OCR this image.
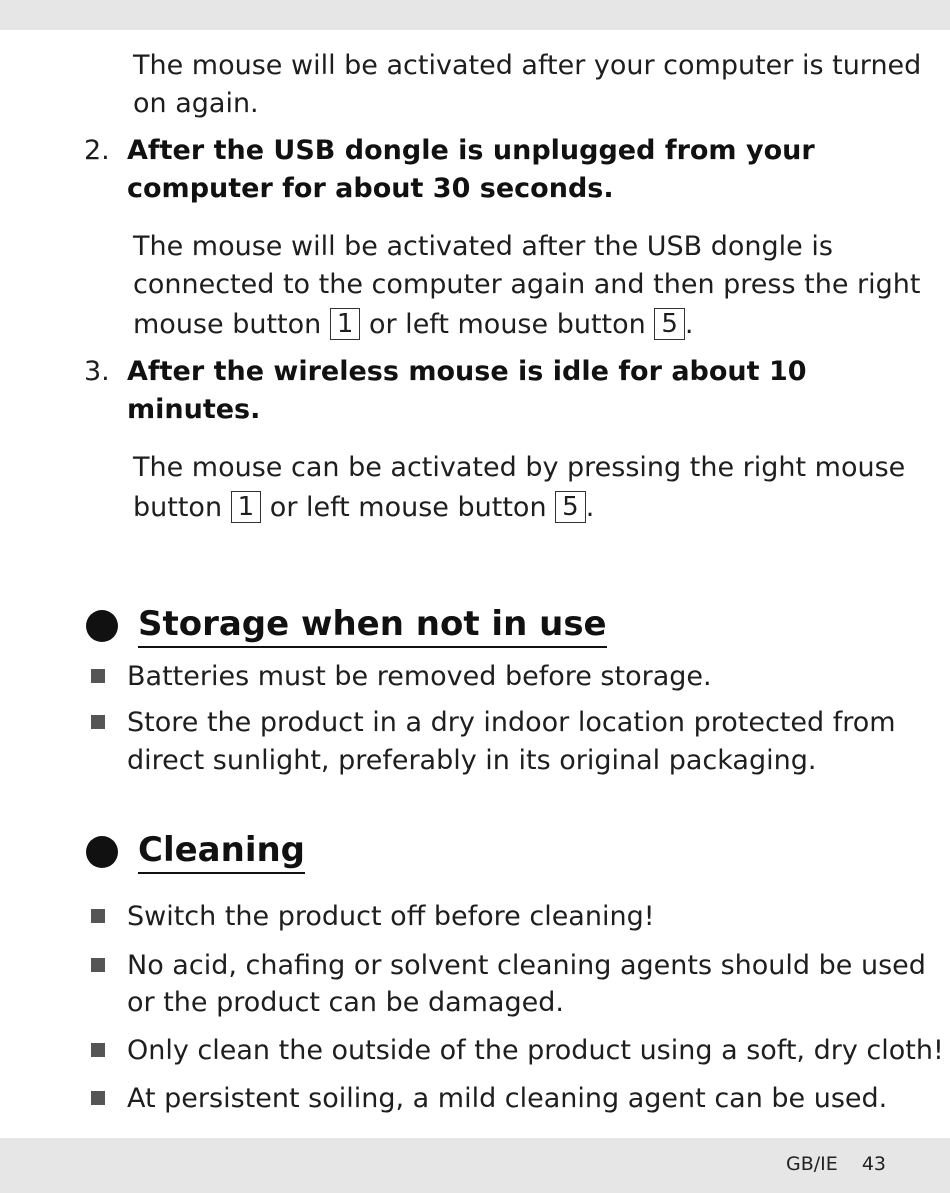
The mouse will be activated after your computer is turned
on again.
2. After the USB dongle is unplugged from your
computer for about 30 seconds.
The mouse will be activated after the USB dongle is
connected to the computer again and then press the right
mouse button 1 or left mouse button 5 .
3. After the wireless mouse is idle for about 10
minutes.
The mouse can be activated by pressing the right mouse
button 1 or left mouse button 5 .
Storage when not in use
Batteries must be removed before storage.
Store the product in a dry indoor location protected from
direct sunlight, preferably in its original packaging.
Cleaning
Switch the product off before cleaning!
No acid, chafing or solvent cleaning agents should be used
or the product can be damaged.
Only clean the outside of the product using a soft, dry cloth!
At persistent soiling, a mild cleaning agent can be used.
GB/IE 43
